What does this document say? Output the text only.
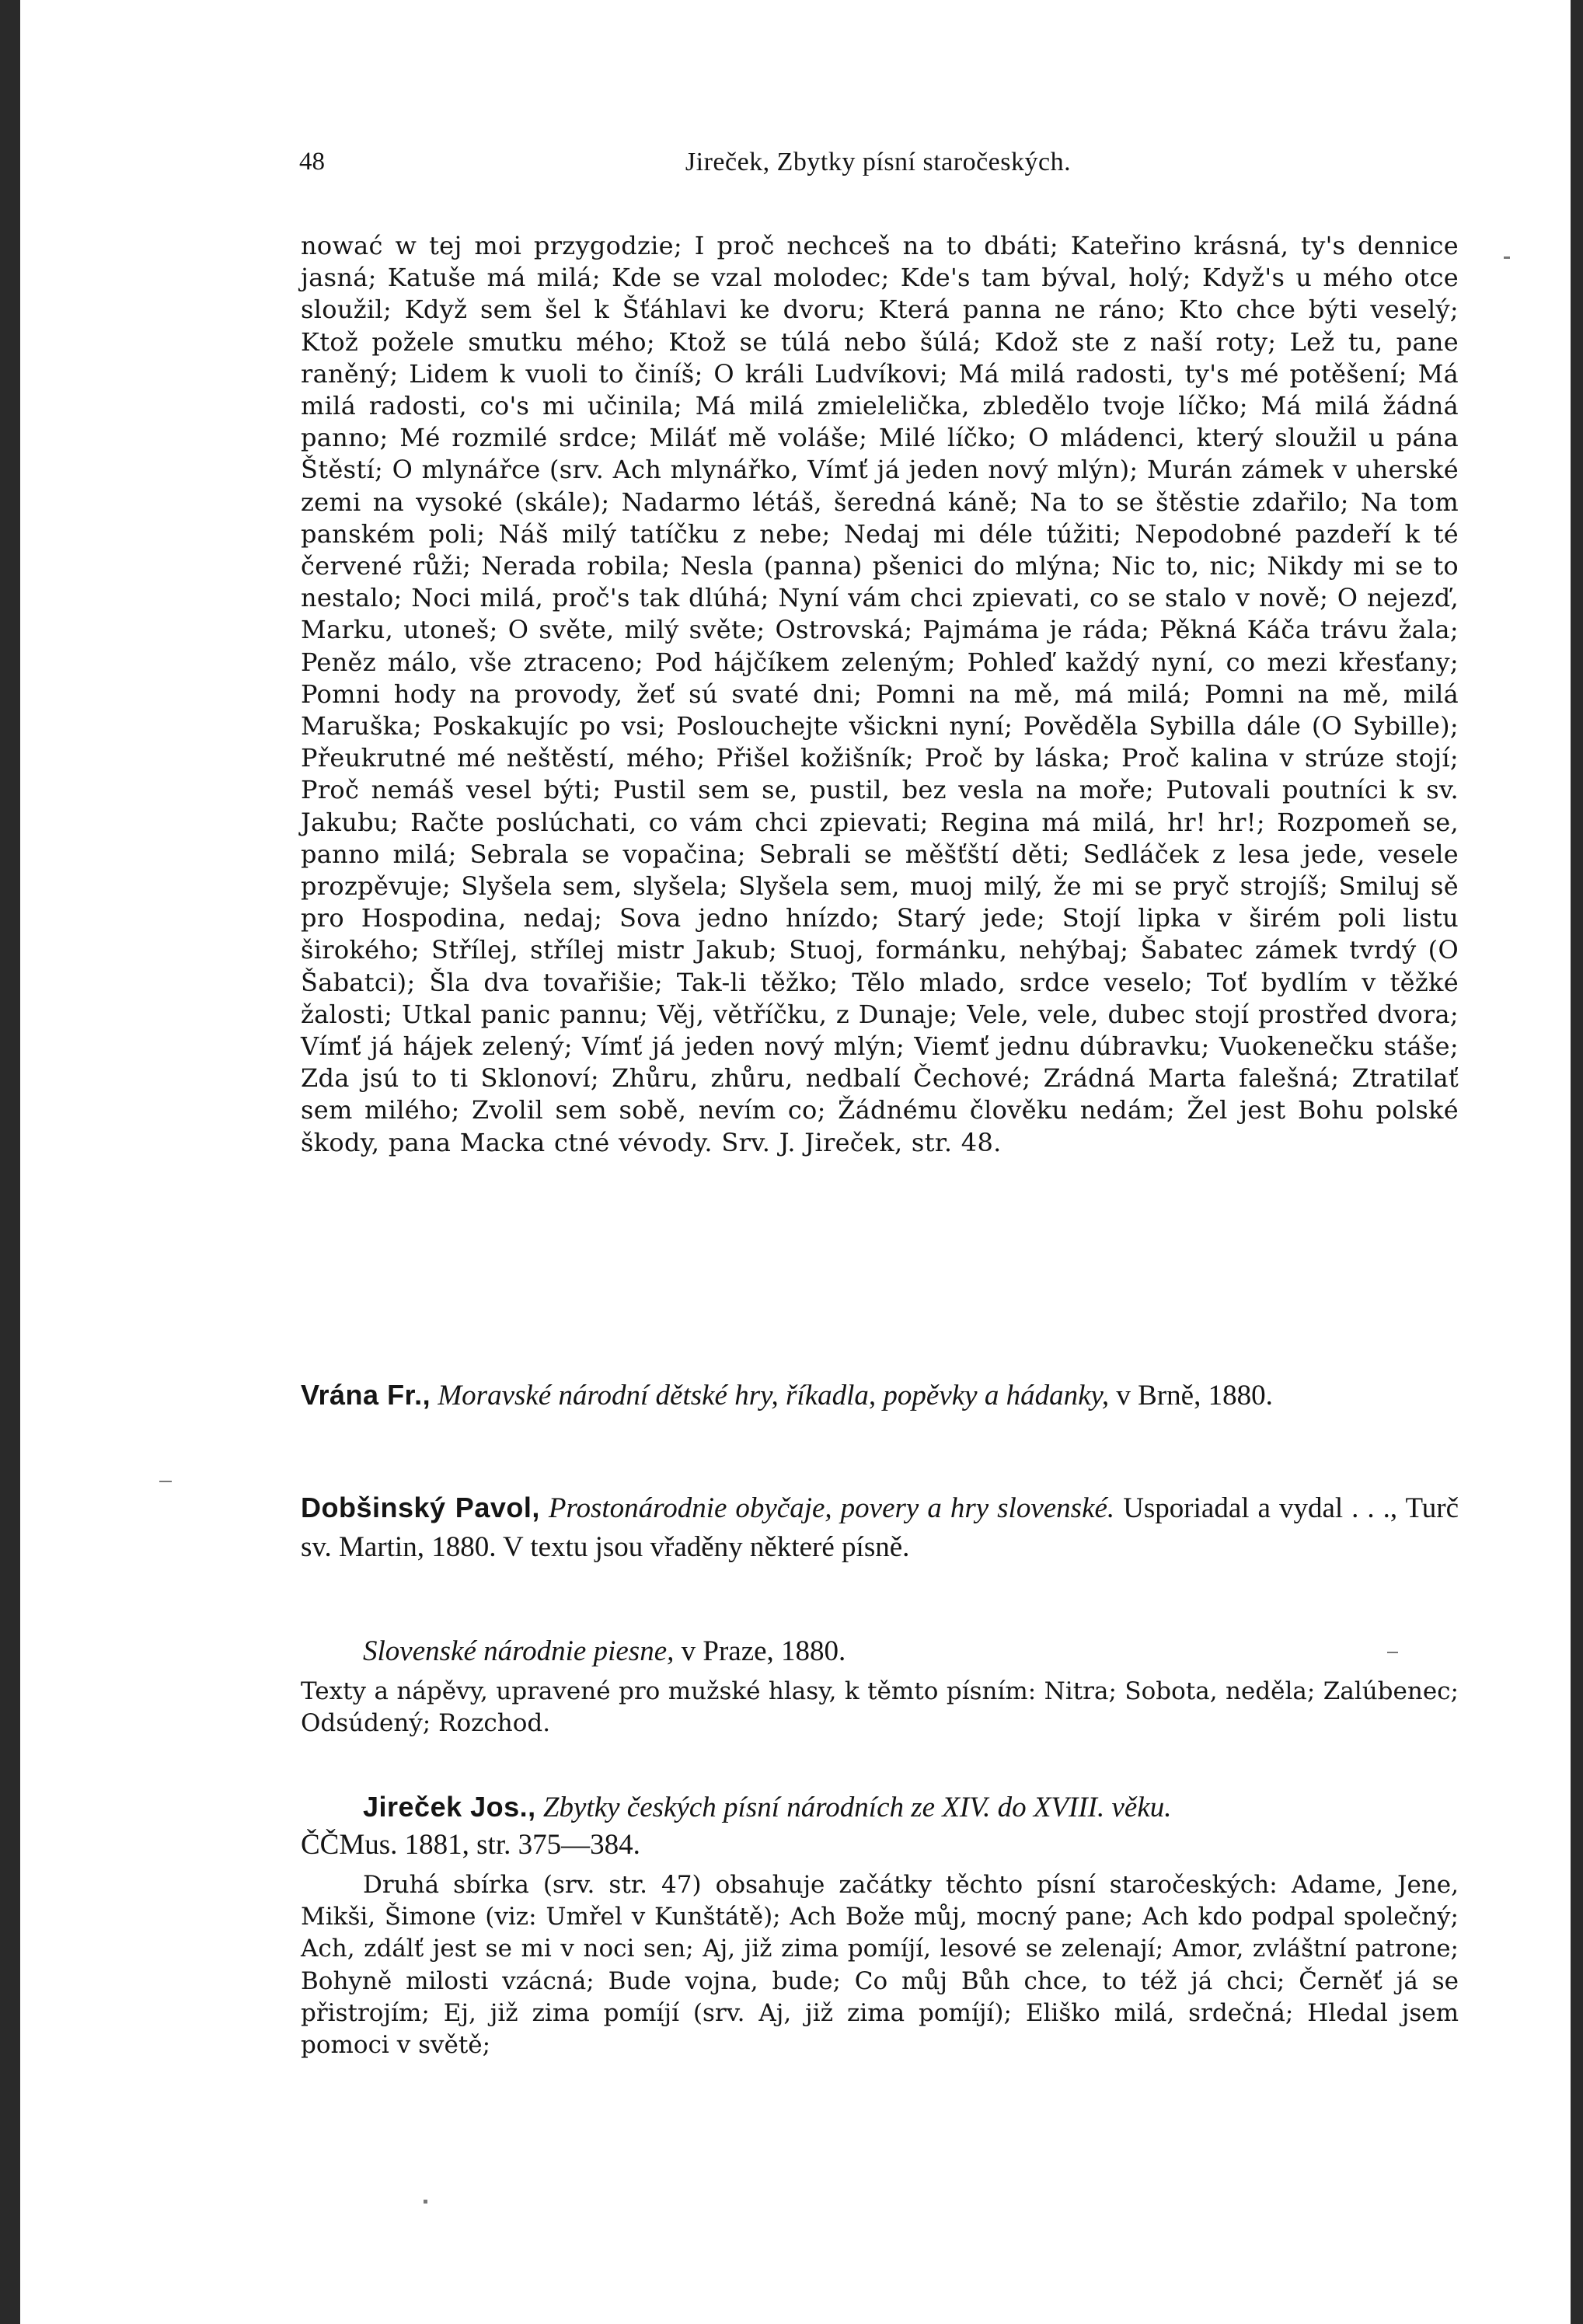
48	Jireček, Zbytky písní staročeských.

nować w tej moi przygodzie; I proč nechceš na to dbáti; Kateřino krásná, ty's dennice jasná; Katuše má milá; Kde se vzal molodec; Kde's tam býval, holý; Když's u mého otce sloužil; Když sem šel k Šťáhlavi ke dvoru; Která panna ne ráno; Kto chce býti veselý; Ktož požele smutku mého; Ktož se túlá nebo šúlá; Kdož ste z naší roty; Lež tu, pane raněný; Lidem k vuoli to činíš; O králi Ludvíkovi; Má milá radosti, ty's mé potěšení; Má milá radosti, co's mi učinila; Má milá zmielelička, zbledělo tvoje líčko; Má milá žádná panno; Mé rozmilé srdce; Miláť mě voláše; Milé líčko; O mládenci, který sloužil u pána Štěstí; O mlynářce (srv. Ach mlynářko, Vímť já jeden nový mlýn); Murán zámek v uherské zemi na vysoké (skále); Nadarmo létáš, šeredná káně; Na to se štěstie zdařilo; Na tom panském poli; Náš milý tatíčku z nebe; Nedaj mi déle túžiti; Nepodobné pazdeří k té červené růži; Nerada robila; Nesla (panna) pšenici do mlýna; Nic to, nic; Nikdy mi se to nestalo; Noci milá, proč's tak dlúhá; Nyní vám chci zpievati, co se stalo v nově; O nejezď, Marku, utoneš; O světe, milý světe; Ostrovská; Pajmáma je ráda; Pěkná Káča trávu žala; Peněz málo, vše ztraceno; Pod hájčíkem zeleným; Pohleď každý nyní, co mezi křesťany; Pomni hody na provody, žeť sú svaté dni; Pomni na mě, má milá; Pomni na mě, milá Maruška; Poskakujíc po vsi; Poslouchejte všickni nyní; Pověděla Sybilla dále (O Sybille); Přeukrutné mé neštěstí, mého; Přišel kožišník; Proč by láska; Proč kalina v strúze stojí; Proč nemáš vesel býti; Pustil sem se, pustil, bez vesla na moře; Putovali poutníci k sv. Jakubu; Račte poslúchati, co vám chci zpievati; Regina má milá, hr! hr!; Rozpomeň se, panno milá; Sebrala se vopačina; Sebrali se měšťští děti; Sedláček z lesa jede, vesele prozpěvuje; Slyšela sem, slyšela; Slyšela sem, muoj milý, že mi se pryč strojíš; Smiluj sě pro Hospodina, nedaj; Sova jedno hnízdo; Starý jede; Stojí lipka v širém poli listu širokého; Střílej, střílej mistr Jakub; Stuoj, formánku, nehýbaj; Šabatec zámek tvrdý (O Šabatci); Šla dva tovařišie; Tak-li těžko; Tělo mlado, srdce veselo; Toť bydlím v těžké žalosti; Utkal panic pannu; Věj, větříčku, z Dunaje; Vele, vele, dubec stojí prostřed dvora; Vímť já hájek zelený; Vímť já jeden nový mlýn; Viemť jednu dúbravku; Vuokenečku stáše; Zda jsú to ti Sklonoví; Zhůru, zhůru, nedbalí Čechové; Zrádná Marta falešná; Ztratilať sem milého; Zvolil sem sobě, nevím co; Žádnému člověku nedám; Žel jest Bohu polské škody, pana Macka ctné vévody. Srv. J. Jireček, str. 48.

Vrána Fr., Moravské národní dětské hry, říkadla, popěvky a hádanky, v Brně, 1880.
Dobšinský Pavol, Prostonárodnie obyčaje, povery a hry slovenské. Usporiadal a vydal . . ., Turč sv. Martin, 1880. V textu jsou vřaděny některé písně.
Slovenské národnie piesne, v Praze, 1880.
Texty a nápěvy, upravené pro mužské hlasy, k těmto písním: Nitra; Sobota, neděla; Zalúbenec; Odsúdený; Rozchod.
Jireček Jos., Zbytky českých písní národních ze XIV. do XVIII. věku.
ČČMus. 1881, str. 375—384.
Druhá sbírka (srv. str. 47) obsahuje začátky těchto písní staročeských: Adame, Jene, Mikši, Šimone (viz: Umřel v Kunštátě); Ach Bože můj, mocný pane; Ach kdo podpal společný; Ach, zdálť jest se mi v noci sen; Aj, již zima pomíjí, lesové se zelenají; Amor, zvláštní patrone; Bohyně milosti vzácná; Bude vojna, bude; Co můj Bůh chce, to též já chci; Černěť já se přistrojím; Ej, již zima pomíjí (srv. Aj, již zima pomíjí); Eliško milá, srdečná; Hledal jsem pomoci v světě;
